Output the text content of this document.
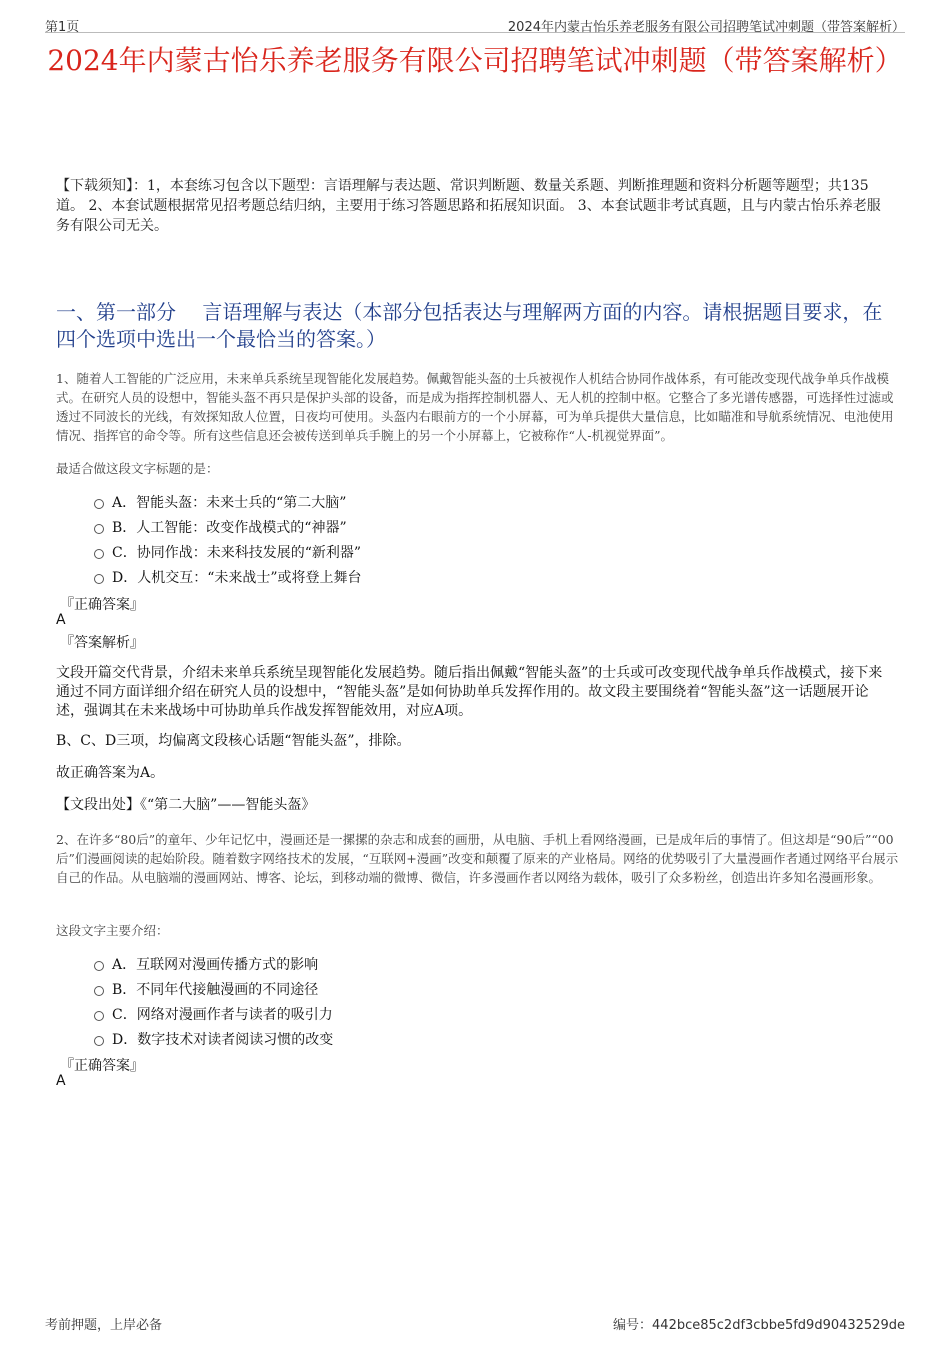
第1页	2024年内蒙古怡乐养老服务有限公司招聘笔试冲刺题（带答案解析）
2024年内蒙古怡乐养老服务有限公司招聘笔试冲刺题（带答案解析）
【下载须知】：1，本套练习包含以下题型：言语理解与表达题、常识判断题、数量关系题、判断推理题和资料分析题等题型；共135道。 2、本套试题根据常见招考题总结归纳，主要用于练习答题思路和拓展知识面。 3、本套试题非考试真题，且与内蒙古怡乐养老服务有限公司无关。
一、第一部分　 言语理解与表达（本部分包括表达与理解两方面的内容。请根据题目要求，在四个选项中选出一个最恰当的答案。）
1、随着人工智能的广泛应用，未来单兵系统呈现智能化发展趋势。佩戴智能头盔的士兵被视作人机结合协同作战体系，有可能改变现代战争单兵作战模式。在研究人员的设想中，智能头盔不再只是保护头部的设备，而是成为指挥控制机器人、无人机的控制中枢。它整合了多光谱传感器，可选择性过滤或透过不同波长的光线，有效探知敌人位置，日夜均可使用。头盔内右眼前方的一个小屏幕，可为单兵提供大量信息，比如瞄准和导航系统情况、电池使用情况、指挥官的命令等。所有这些信息还会被传送到单兵手腕上的另一个小屏幕上，它被称作“人-机视觉界面”。
最适合做这段文字标题的是：
A．智能头盔：未来士兵的“第二大脑”
B．人工智能：改变作战模式的“神器”
C．协同作战：未来科技发展的“新利器”
D．人机交互：“未来战士”或将登上舞台
『正确答案』
A
『答案解析』
文段开篇交代背景，介绍未来单兵系统呈现智能化发展趋势。随后指出佩戴“智能头盔”的士兵或可改变现代战争单兵作战模式，接下来通过不同方面详细介绍在研究人员的设想中，“智能头盔”是如何协助单兵发挥作用的。故文段主要围绕着“智能头盔”这一话题展开论述，强调其在未来战场中可协助单兵作战发挥智能效用，对应A项。
B、C、D三项，均偏离文段核心话题“智能头盔”，排除。
故正确答案为A。
【文段出处】《“第二大脑”——智能头盔》
2、在许多“80后”的童年、少年记忆中，漫画还是一摞摞的杂志和成套的画册，从电脑、手机上看网络漫画，已是成年后的事情了。但这却是“90后”“00后”们漫画阅读的起始阶段。随着数字网络技术的发展，“互联网+漫画”改变和颠覆了原来的产业格局。网络的优势吸引了大量漫画作者通过网络平台展示自己的作品。从电脑端的漫画网站、博客、论坛，到移动端的微博、微信，许多漫画作者以网络为载体，吸引了众多粉丝，创造出许多知名漫画形象。
这段文字主要介绍：
A．互联网对漫画传播方式的影响
B．不同年代接触漫画的不同途径
C．网络对漫画作者与读者的吸引力
D．数字技术对读者阅读习惯的改变
『正确答案』
A
考前押题，上岸必备	编号：442bce85c2df3cbbe5fd9d90432529de
